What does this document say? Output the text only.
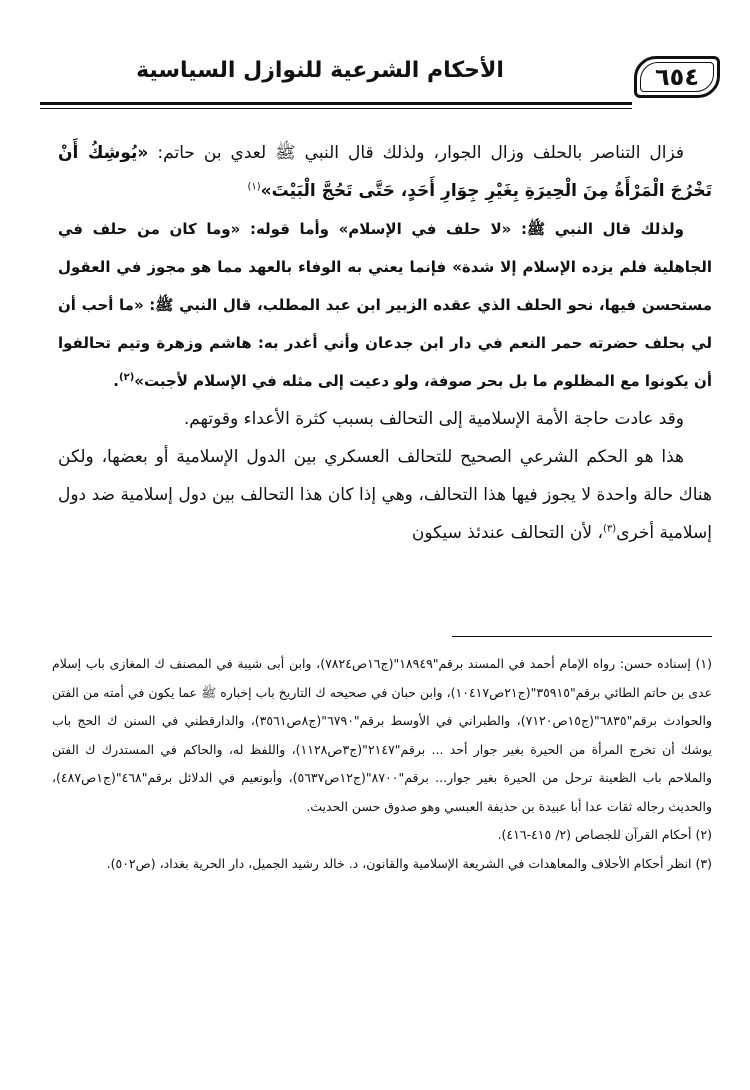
٦٥٤
الأحكام الشرعية للنوازل السياسية

فزال التناصر بالحلف وزال الجوار، ولذلك قال النبي ﷺ لعدي بن حاتم: «يُوشِكُ أَنْ تَخْرُجَ الْمَرْأَةُ مِنَ الْحِيرَةِ بِغَيْرِ جِوَارِ أَحَدٍ، حَتَّى تَحُجَّ الْبَيْتَ»$^{(١)}$

ولذلك قال النبي ﷺ: «لا حلف في الإسلام» وأما قوله: «وما كان من حلف في الجاهلية فلم يزده الإسلام إلا شدة» فإنما يعني به الوفاء بالعهد مما هو مجوز في العقول مستحسن فيها، نحو الحلف الذي عقده الزبير ابن عبد المطلب، قال النبي ﷺ: «ما أحب أن لي بحلف حضرته حمر النعم في دار ابن جدعان وأني أغدر به: هاشم وزهرة وتيم تحالفوا أن يكونوا مع المظلوم ما بل بحر صوفة، ولو دعيت إلى مثله في الإسلام لأجبت»$^{(٢)}$.

وقد عادت حاجة الأمة الإسلامية إلى التحالف بسبب كثرة الأعداء وقوتهم.

هذا هو الحكم الشرعي الصحيح للتحالف العسكري بين الدول الإسلامية أو بعضها، ولكن هناك حالة واحدة لا يجوز فيها هذا التحالف، وهي إذا كان هذا التحالف بين دول إسلامية ضد دول إسلامية أخرى$^{(٣)}$، لأن التحالف عندئذ سيكون

(١) إسناده حسن: رواه الإمام أحمد في المسند برقم"١٨٩٤٩"(ج١٦ص٧٨٢٤)، وابن أبى شيبة في المصنف ك المغازى باب إسلام عدى بن حاتم الطائي برقم"٣٥٩١٥"(ج٢١ص١٠٤١٧)، وابن حبان في صحيحه ك التاريخ باب إخباره ﷺ عما يكون في أمته من الفتن والحوادث برقم"٦٨٣٥"(ج١٥ص٧١٢٠)، والطبراني في الأوسط برقم"٦٧٩٠"(ج٨ص٣٥٦١)، والدارقطني في السنن ك الحج باب يوشك أن تخرج المرأة من الحيرة بغير جوار أحد ... برقم"٢١٤٧"(ج٣ص١١٢٨)، واللفظ له، والحاكم في المستدرك ك الفتن والملاحم باب الظعينة ترحل من الحيرة بغير جوار... برقم"٨٧٠٠"(ج١٢ص٥٦٣٧)، وأبونعيم في الدلائل برقم"٤٦٨"(ج١ص٤٨٧)، والحديث رجاله ثقات عدا أبا عبيدة بن حذيفة العبسي وهو صدوق حسن الحديث.

(٢) أحكام القرآن للجصاص (٢/ ٤١٥-٤١٦).

(٣) انظر أحكام الأحلاف والمعاهدات في الشريعة الإسلامية والقانون، د. خالد رشيد الجميل، دار الحرية بغداد، (ص٥٠٢).
